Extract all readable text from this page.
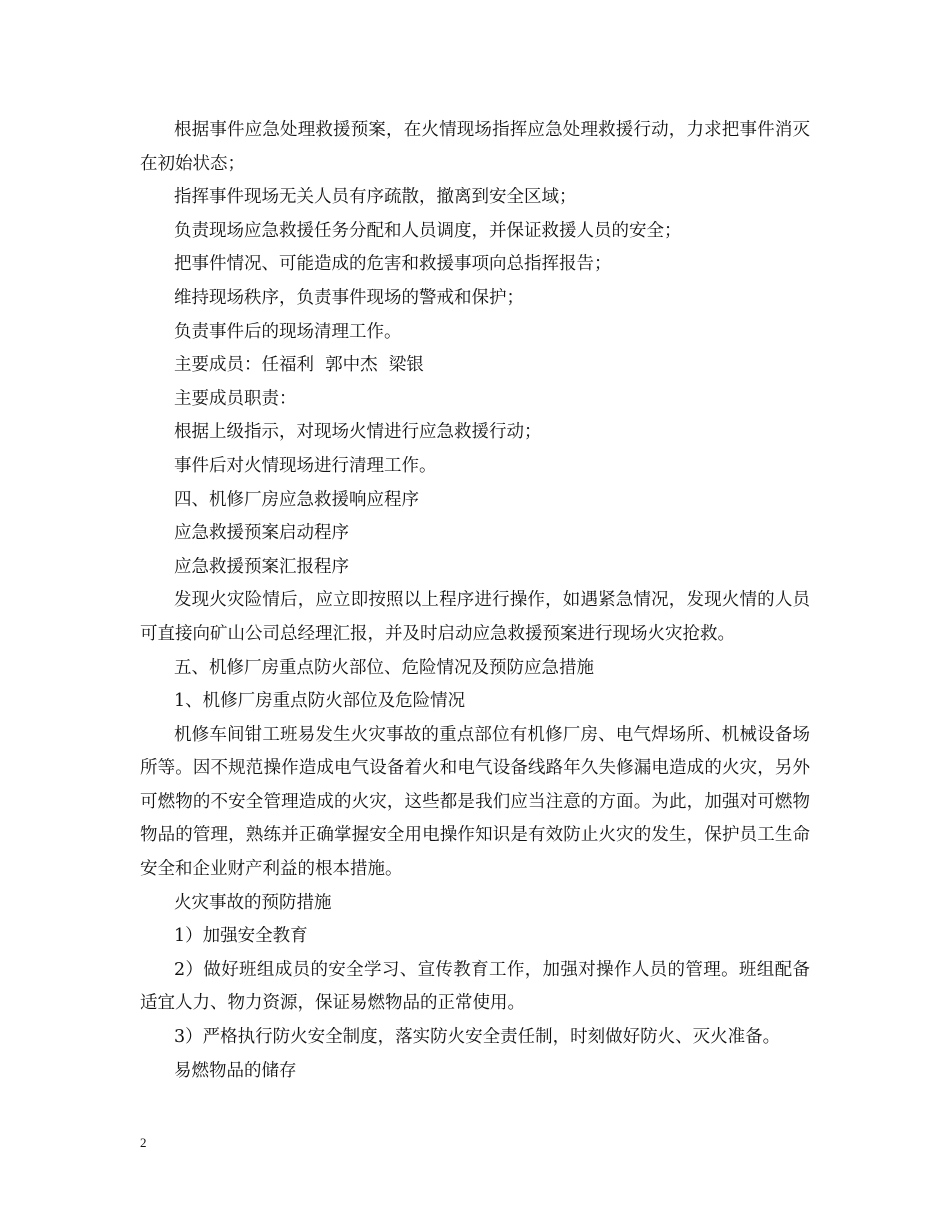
根据事件应急处理救援预案，在火情现场指挥应急处理救援行动，力求把事件消灭在初始状态；

指挥事件现场无关人员有序疏散，撤离到安全区域；

负责现场应急救援任务分配和人员调度，并保证救援人员的安全；

把事件情况、可能造成的危害和救援事项向总指挥报告；

维持现场秩序，负责事件现场的警戒和保护；

负责事件后的现场清理工作。

主要成员：任福利  郭中杰  梁银

主要成员职责：

根据上级指示，对现场火情进行应急救援行动；

事件后对火情现场进行清理工作。

四、机修厂房应急救援响应程序

应急救援预案启动程序

应急救援预案汇报程序

发现火灾险情后，应立即按照以上程序进行操作，如遇紧急情况，发现火情的人员可直接向矿山公司总经理汇报，并及时启动应急救援预案进行现场火灾抢救。

五、机修厂房重点防火部位、危险情况及预防应急措施

1、机修厂房重点防火部位及危险情况

机修车间钳工班易发生火灾事故的重点部位有机修厂房、电气焊场所、机械设备场所等。因不规范操作造成电气设备着火和电气设备线路年久失修漏电造成的火灾，另外可燃物的不安全管理造成的火灾，这些都是我们应当注意的方面。为此，加强对可燃物物品的管理，熟练并正确掌握安全用电操作知识是有效防止火灾的发生，保护员工生命安全和企业财产利益的根本措施。

火灾事故的预防措施

1）加强安全教育

2）做好班组成员的安全学习、宣传教育工作，加强对操作人员的管理。班组配备适宜人力、物力资源，保证易燃物品的正常使用。

3）严格执行防火安全制度，落实防火安全责任制，时刻做好防火、灭火准备。

易燃物品的储存

2
